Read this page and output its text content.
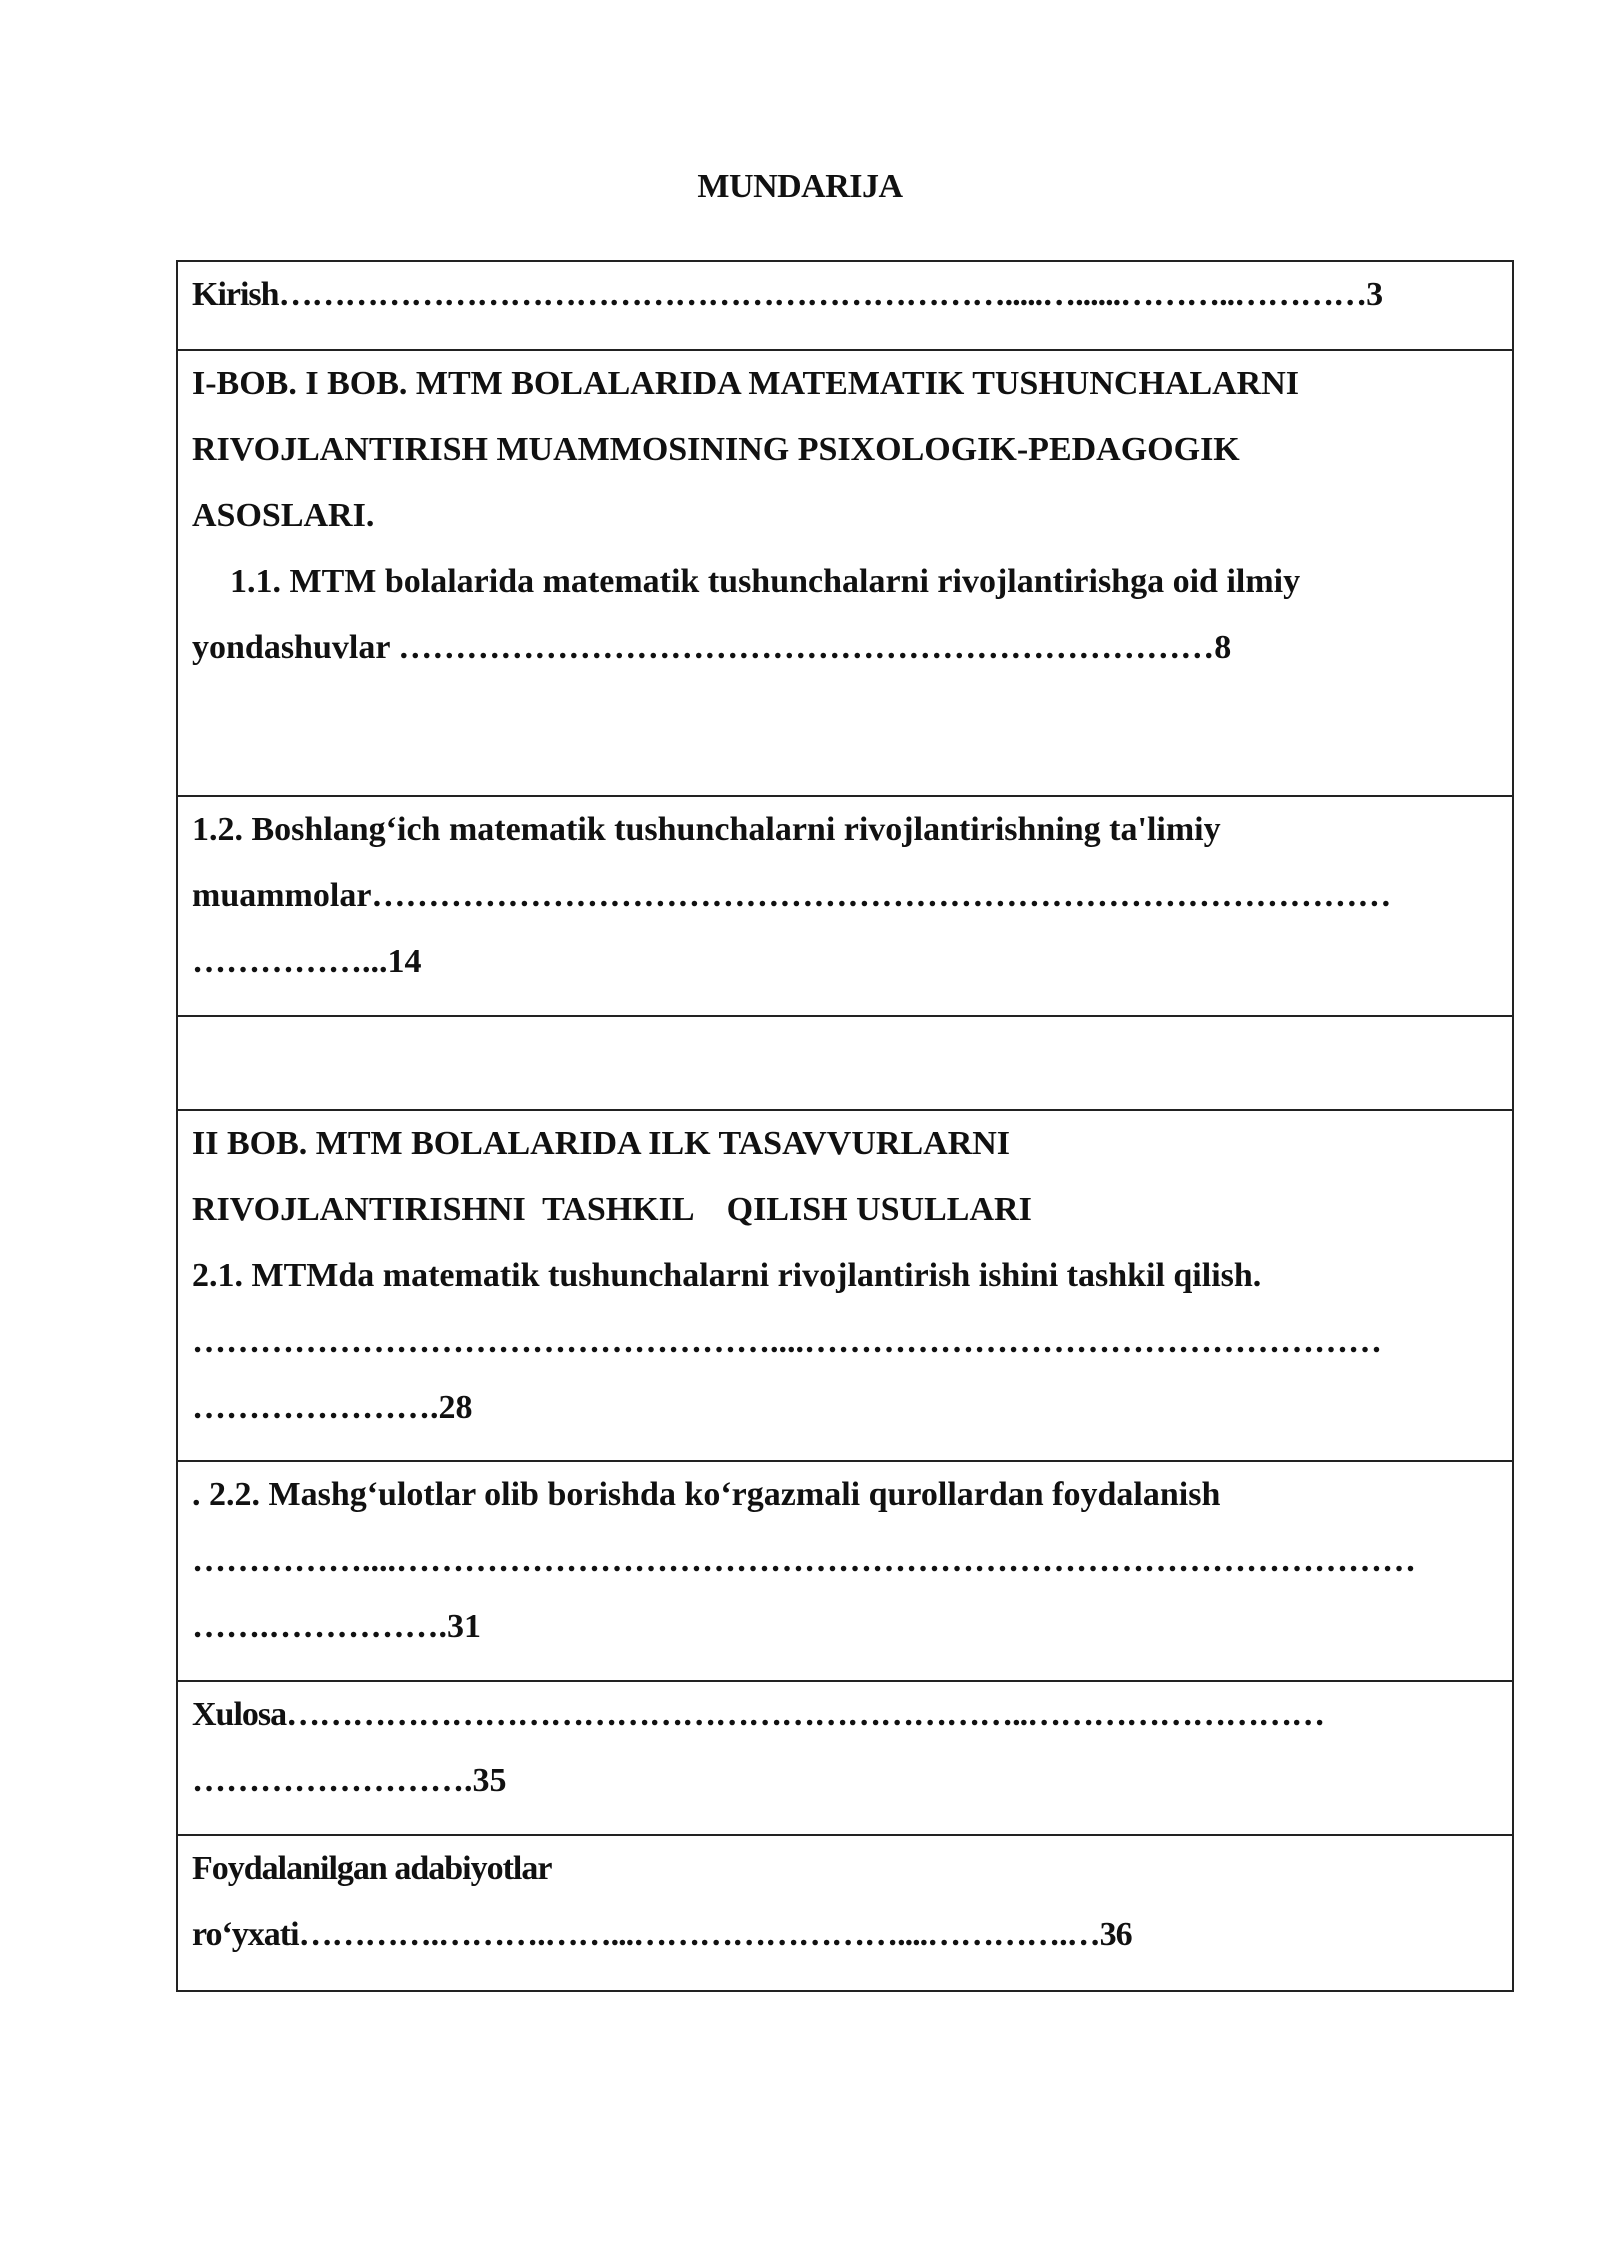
MUNDARIJA
Kirish………………………………………………………….....…......………..…………3
I-BOB. I BOB. MTM BOLALARIDA MATEMATIK TUSHUNCHALARNI
RIVOJLANTIRISH MUAMMOSINING PSIXOLOGIK-PEDAGOGIK
ASOSLARI.
1.1. MTM bolalarida matematik tushunchalarni rivojlantirishga oid ilmiy
yondashuvlar ………………………………………………………………8
1.2. Boshlang‘ich matematik tushunchalarni rivojlantirishning ta'limiy
muammolar………………………………………………………………………………
……………...14
II BOB. MTM BOLALARIDA ILK TASAVVURLARNI
RIVOJLANTIRISHNI  TASHKIL    QILISH USULLARI
2.1. MTMda matematik tushunchalarni rivojlantirish ishini tashkil qilish.
……………………………………………....……………………………………………
………………….28
. 2.2. Mashg‘ulotlar olib borishda ko‘rgazmali qurollardan foydalanish
……………....………………………………………………………………………………
…….…………….31
Xulosa…………………………………………………………..………………………
…………………….35
Foydalanilgan adabiyotlar
ro‘yxati………….……….……...……………………....………….…36
